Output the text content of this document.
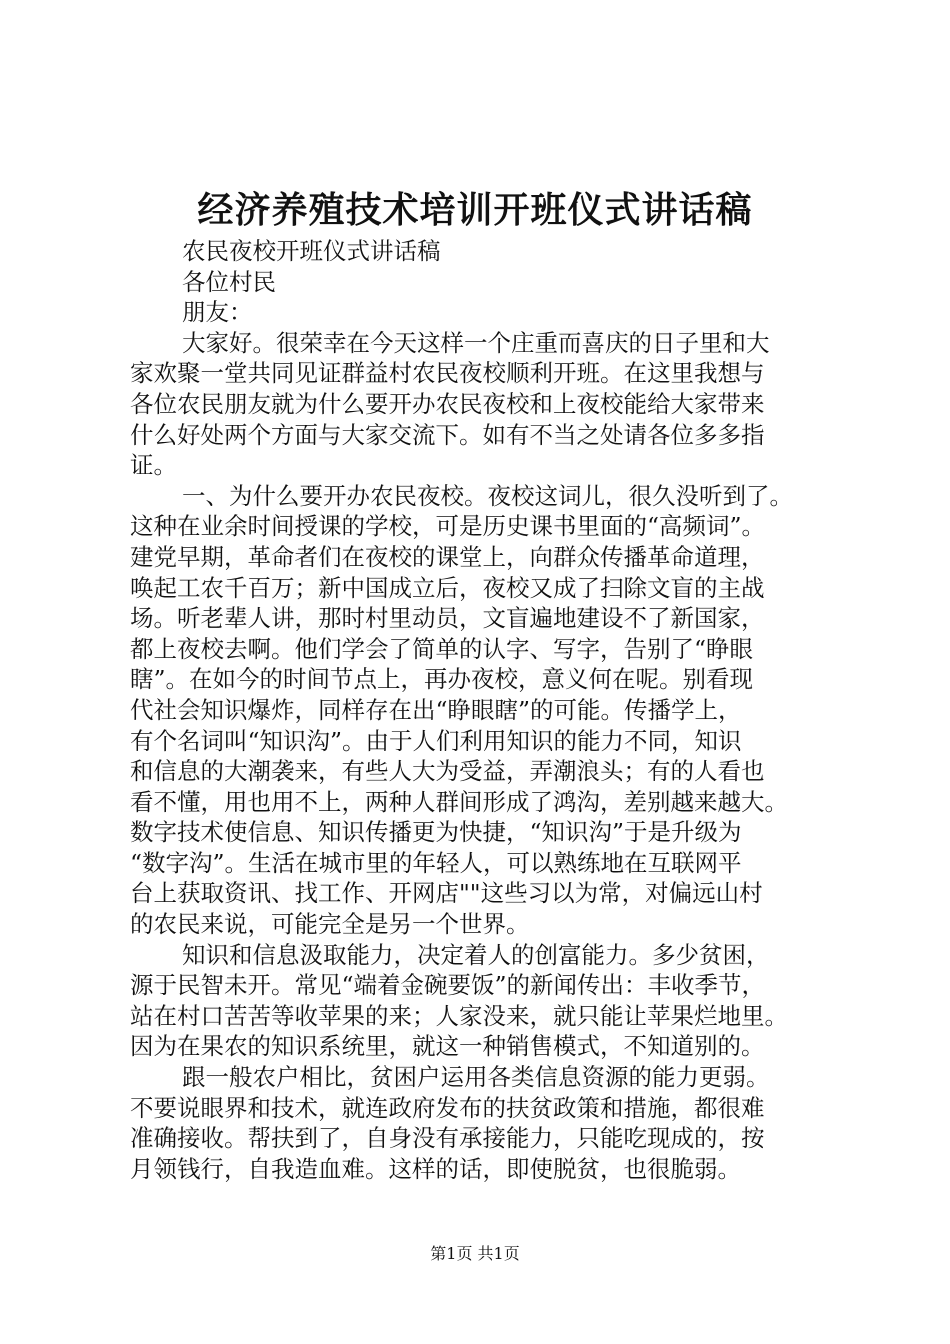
经济养殖技术培训开班仪式讲话稿
农民夜校开班仪式讲话稿
各位村民
朋友：
大家好。很荣幸在今天这样一个庄重而喜庆的日子里和大
家欢聚一堂共同见证群益村农民夜校顺利开班。在这里我想与
各位农民朋友就为什么要开办农民夜校和上夜校能给大家带来
什么好处两个方面与大家交流下。如有不当之处请各位多多指
证。
一、为什么要开办农民夜校。夜校这词儿，很久没听到了。
这种在业余时间授课的学校，可是历史课书里面的“高频词”。
建党早期，革命者们在夜校的课堂上，向群众传播革命道理，
唤起工农千百万；新中国成立后，夜校又成了扫除文盲的主战
场。听老辈人讲，那时村里动员，文盲遍地建设不了新国家，
都上夜校去啊。他们学会了简单的认字、写字，告别了“睁眼
瞎”。在如今的时间节点上，再办夜校，意义何在呢。别看现
代社会知识爆炸，同样存在出“睁眼瞎”的可能。传播学上，
有个名词叫“知识沟”。由于人们利用知识的能力不同，知识
和信息的大潮袭来，有些人大为受益，弄潮浪头；有的人看也
看不懂，用也用不上，两种人群间形成了鸿沟，差别越来越大。
数字技术使信息、知识传播更为快捷，“知识沟”于是升级为
“数字沟”。生活在城市里的年轻人，可以熟练地在互联网平
台上获取资讯、找工作、开网店""这些习以为常，对偏远山村
的农民来说，可能完全是另一个世界。
知识和信息汲取能力，决定着人的创富能力。多少贫困，
源于民智未开。常见“端着金碗要饭”的新闻传出：丰收季节，
站在村口苦苦等收苹果的来；人家没来，就只能让苹果烂地里。
因为在果农的知识系统里，就这一种销售模式，不知道别的。
跟一般农户相比，贫困户运用各类信息资源的能力更弱。
不要说眼界和技术，就连政府发布的扶贫政策和措施，都很难
准确接收。帮扶到了，自身没有承接能力，只能吃现成的，按
月领钱行，自我造血难。这样的话，即使脱贫，也很脆弱。
第1页 共1页
